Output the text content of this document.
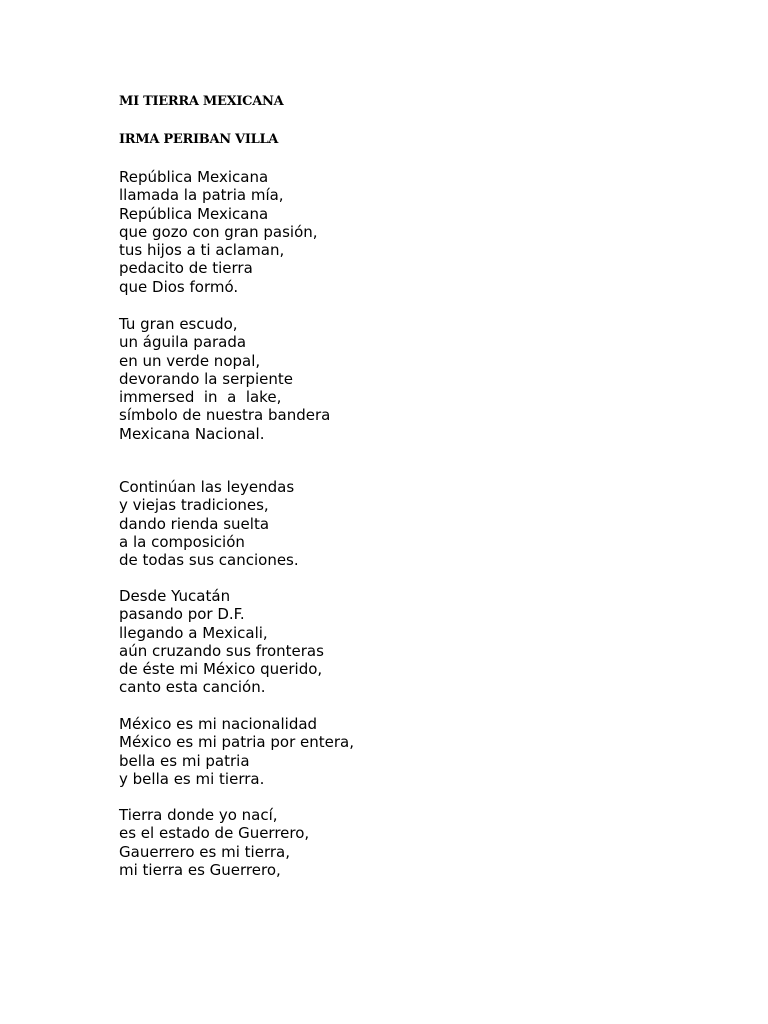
MI TIERRA MEXICANA
IRMA PERIBAN VILLA
República Mexicana
llamada la patria mía,
República Mexicana
que gozo con gran pasión,
tus hijos a ti aclaman,
pedacito de tierra
que Dios formó.
Tu gran escudo,
un águila parada
en un verde nopal,
devorando la serpiente
immersed  in  a  lake,
símbolo de nuestra bandera
Mexicana Nacional.
Continúan las leyendas
y viejas tradiciones,
dando rienda suelta
a la composición
de todas sus canciones.
Desde Yucatán
pasando por D.F.
llegando a Mexicali,
aún cruzando sus fronteras
de éste mi México querido,
canto esta canción.
México es mi nacionalidad
México es mi patria por entera,
bella es mi patria
y bella es mi tierra.
Tierra donde yo nací,
es el estado de Guerrero,
Gauerrero es mi tierra,
mi tierra es Guerrero,
